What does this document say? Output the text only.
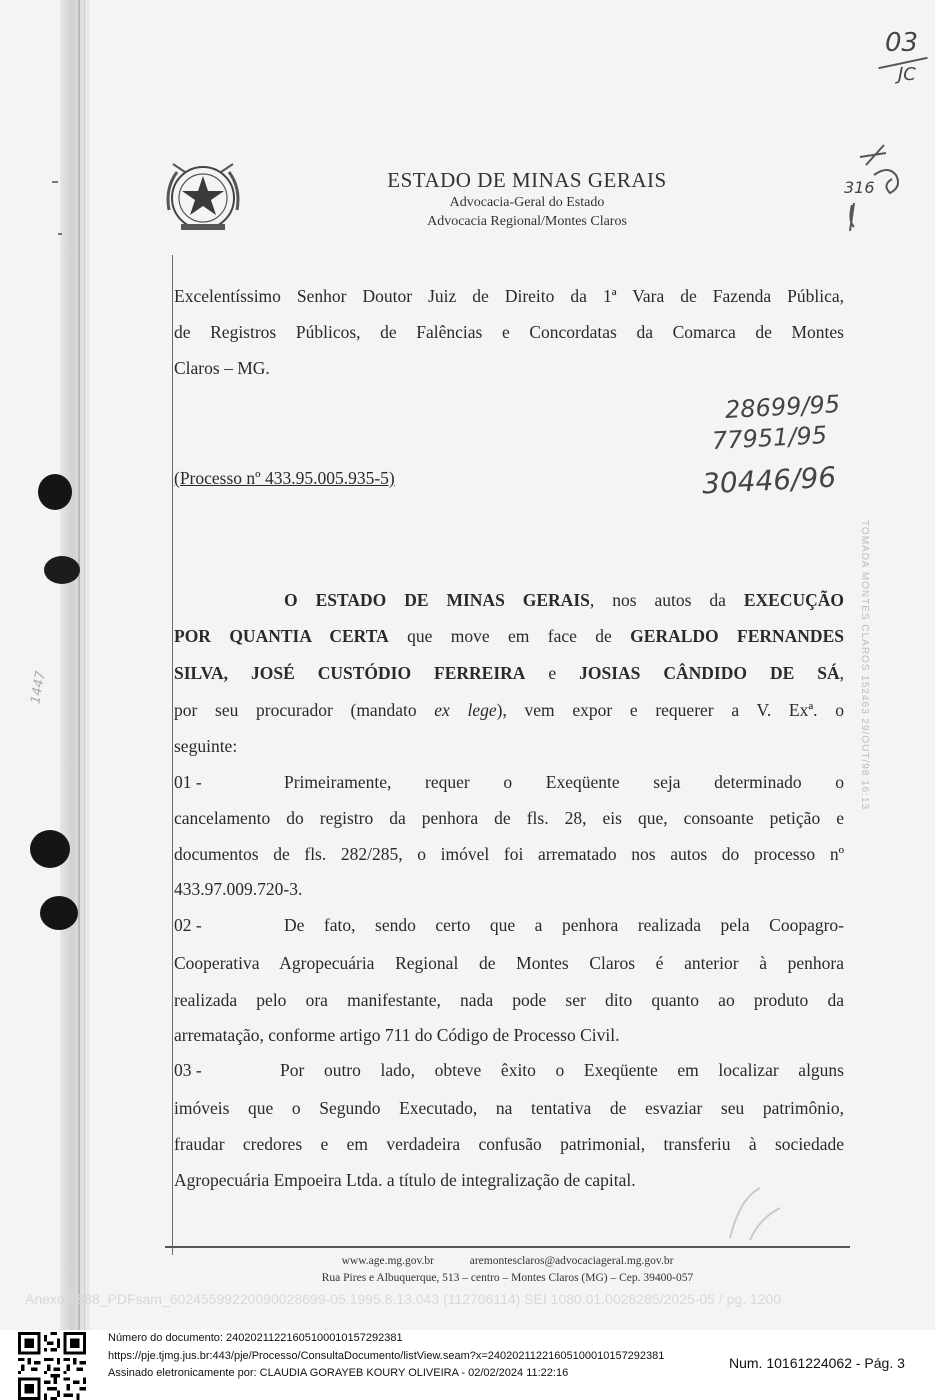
ESTADO DE MINAS GERAIS
Advocacia-Geral do Estado
Advocacia Regional/Montes Claros
03
JC
316
28699/95
77951/95
30446/96
1447	TOMADA MONTES CLAROS 152463 29/OUT/98 16:13
Excelentíssimo Senhor Doutor Juiz de Direito da 1ª Vara de Fazenda Pública,
de Registros Públicos, de Falências e Concordatas da Comarca de Montes
Claros – MG.
(Processo nº 433.95.005.935-5)
O ESTADO DE MINAS GERAIS, nos autos da EXECUÇÃO
POR QUANTIA CERTA que move em face de GERALDO FERNANDES
SILVA, JOSÉ CUSTÓDIO FERREIRA e JOSIAS CÂNDIDO DE SÁ,
por seu procurador (mandato ex lege), vem expor e requerer a V. Exª. o
seguinte:
01 -	Primeiramente, requer o Exeqüente seja determinado o
cancelamento do registro da penhora de fls. 28, eis que, consoante petição e
documentos de fls. 282/285, o imóvel foi arrematado nos autos do processo nº
433.97.009.720-3.
02 -	De fato, sendo certo que a penhora realizada pela Coopagro-
Cooperativa Agropecuária Regional de Montes Claros é anterior à penhora
realizada pelo ora manifestante, nada pode ser dito quanto ao produto da
arrematação, conforme artigo 711 do Código de Processo Civil.
03 -	Por outro lado, obteve êxito o Exeqüente em localizar alguns
imóveis que o Segundo Executado, na tentativa de esvaziar seu patrimônio,
fraudar credores e em verdadeira confusão patrimonial, transferiu à sociedade
Agropecuária Empoeira Ltda. a título de integralização de capital.
www.age.mg.gov.br	aremontesclaros@advocaciageral.mg.gov.br
Rua Pires e Albuquerque, 513 – centro – Montes Claros (MG) – Cep. 39400-057
Anexo 1888_PDFsam_6024559922009002869​9-05.1995.8.13.043 (112706114) SEI 1080.01.0028285/2025-05 / pg. 1200
Número do documento: 24020211221605100010157292381
https://pje.tjmg.jus.br:443/pje/Processo/ConsultaDocumento/listView.seam?x=24020211221605100010157292381
Assinado eletronicamente por: CLAUDIA GORAYEB KOURY OLIVEIRA - 02/02/2024 11:22:16
Num. 10161224062 - Pág. 3
